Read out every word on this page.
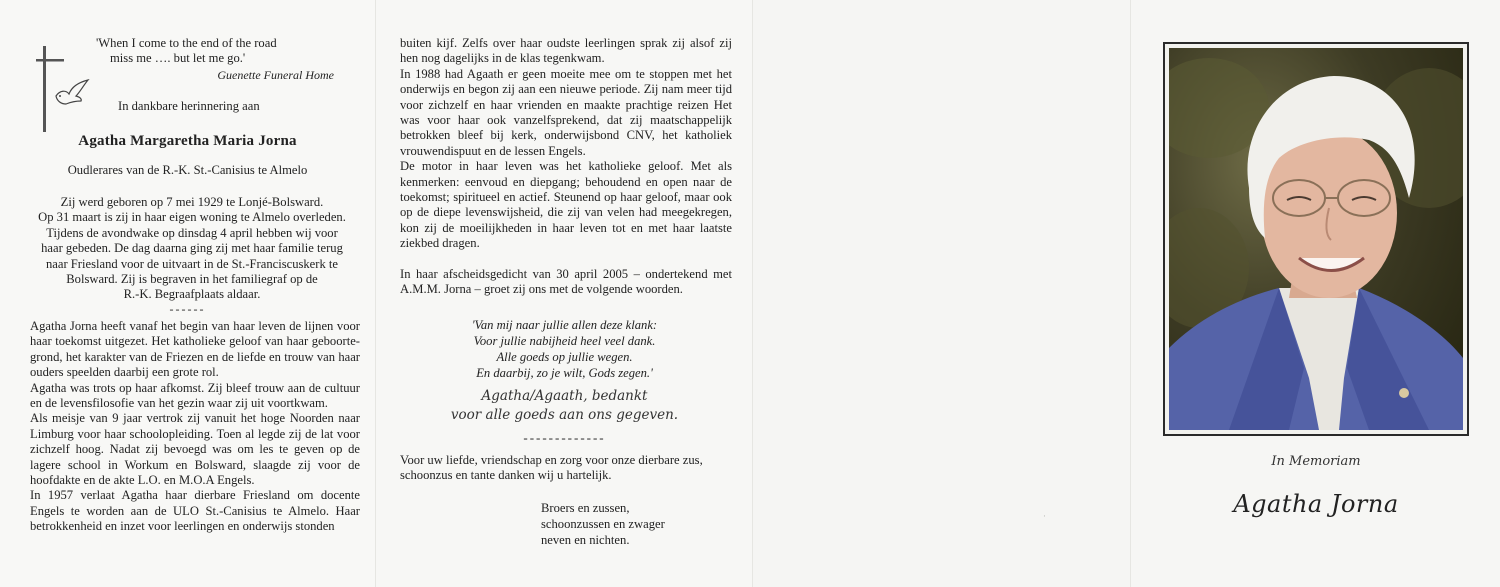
'When I come to the end of the road
miss me …. but let me go.'
Guenette Funeral Home
In dankbare herinnering aan
Agatha Margaretha Maria Jorna
Oudlerares van de R.-K. St.-Canisius te Almelo
Zij werd geboren op 7 mei 1929 te Lonjé-Bolsward.
Op 31 maart is zij in haar eigen woning te Almelo overleden.
Tijdens de avondwake op dinsdag 4 april hebben wij voor
haar gebeden. De dag daarna ging zij met haar familie terug
naar Friesland voor de uitvaart in de St.-Franciscuskerk te
Bolsward. Zij is begraven in het familiegraf op de
R.-K. Begraafplaats aldaar.
------

Agatha Jorna heeft vanaf het begin van haar leven de lijnen voor haar toekomst uitgezet. Het katholieke geloof van haar geboorte-grond, het karakter van de Friezen en de liefde en trouw van haar ouders speelden daarbij een grote rol.

Agatha was trots op haar afkomst. Zij bleef trouw aan de cultuur en de levensfilosofie van het gezin waar zij uit voortkwam.

Als meisje van 9 jaar vertrok zij vanuit het hoge Noorden naar Limburg voor haar schoolopleiding. Toen al legde zij de lat voor zichzelf hoog. Nadat zij bevoegd was om les te geven op de lagere school in Workum en Bolsward, slaagde zij voor de hoofdakte en de akte L.O. en M.O.A Engels.

In 1957 verlaat Agatha haar dierbare Friesland om docente Engels te worden aan de ULO St.-Canisius te Almelo. Haar betrokkenheid en inzet voor leerlingen en onderwijs stonden

buiten kijf. Zelfs over haar oudste leerlingen sprak zij alsof zij hen nog dagelijks in de klas tegenkwam.

In 1988 had Agaath er geen moeite mee om te stoppen met het onderwijs en begon zij aan een nieuwe periode. Zij nam meer tijd voor zichzelf en haar vrienden en maakte prachtige reizen Het was voor haar ook vanzelfsprekend, dat zij maatschappelijk betrokken bleef bij kerk, onderwijsbond CNV, het katholiek vrouwendispuut en de lessen Engels.

De motor in haar leven was het katholieke geloof. Met als kenmerken: eenvoud en diepgang; behoudend en open naar de toekomst; spiritueel en actief. Steunend op haar geloof, maar ook op de diepe levenswijsheid, die zij van velen had meegekregen, kon zij de moeilijkheden in haar leven tot en met haar laatste ziekbed dragen.

In haar afscheidsgedicht van 30 april 2005 – ondertekend met A.M.M. Jorna – groet zij ons met de volgende woorden.

'Van mij naar jullie allen deze klank:
Voor jullie nabijheid heel veel dank.
Alle goeds op jullie wegen.
En daarbij, zo je wilt, Gods zegen.'
Agatha/Agaath, bedankt
voor alle goeds aan ons gegeven.
-------------
Voor uw liefde, vriendschap en zorg voor onze dierbare zus, schoonzus en tante danken wij u hartelijk.
Broers en zussen,
schoonzussen en zwager
neven en nichten.
·
In Memoriam
Agatha Jorna
